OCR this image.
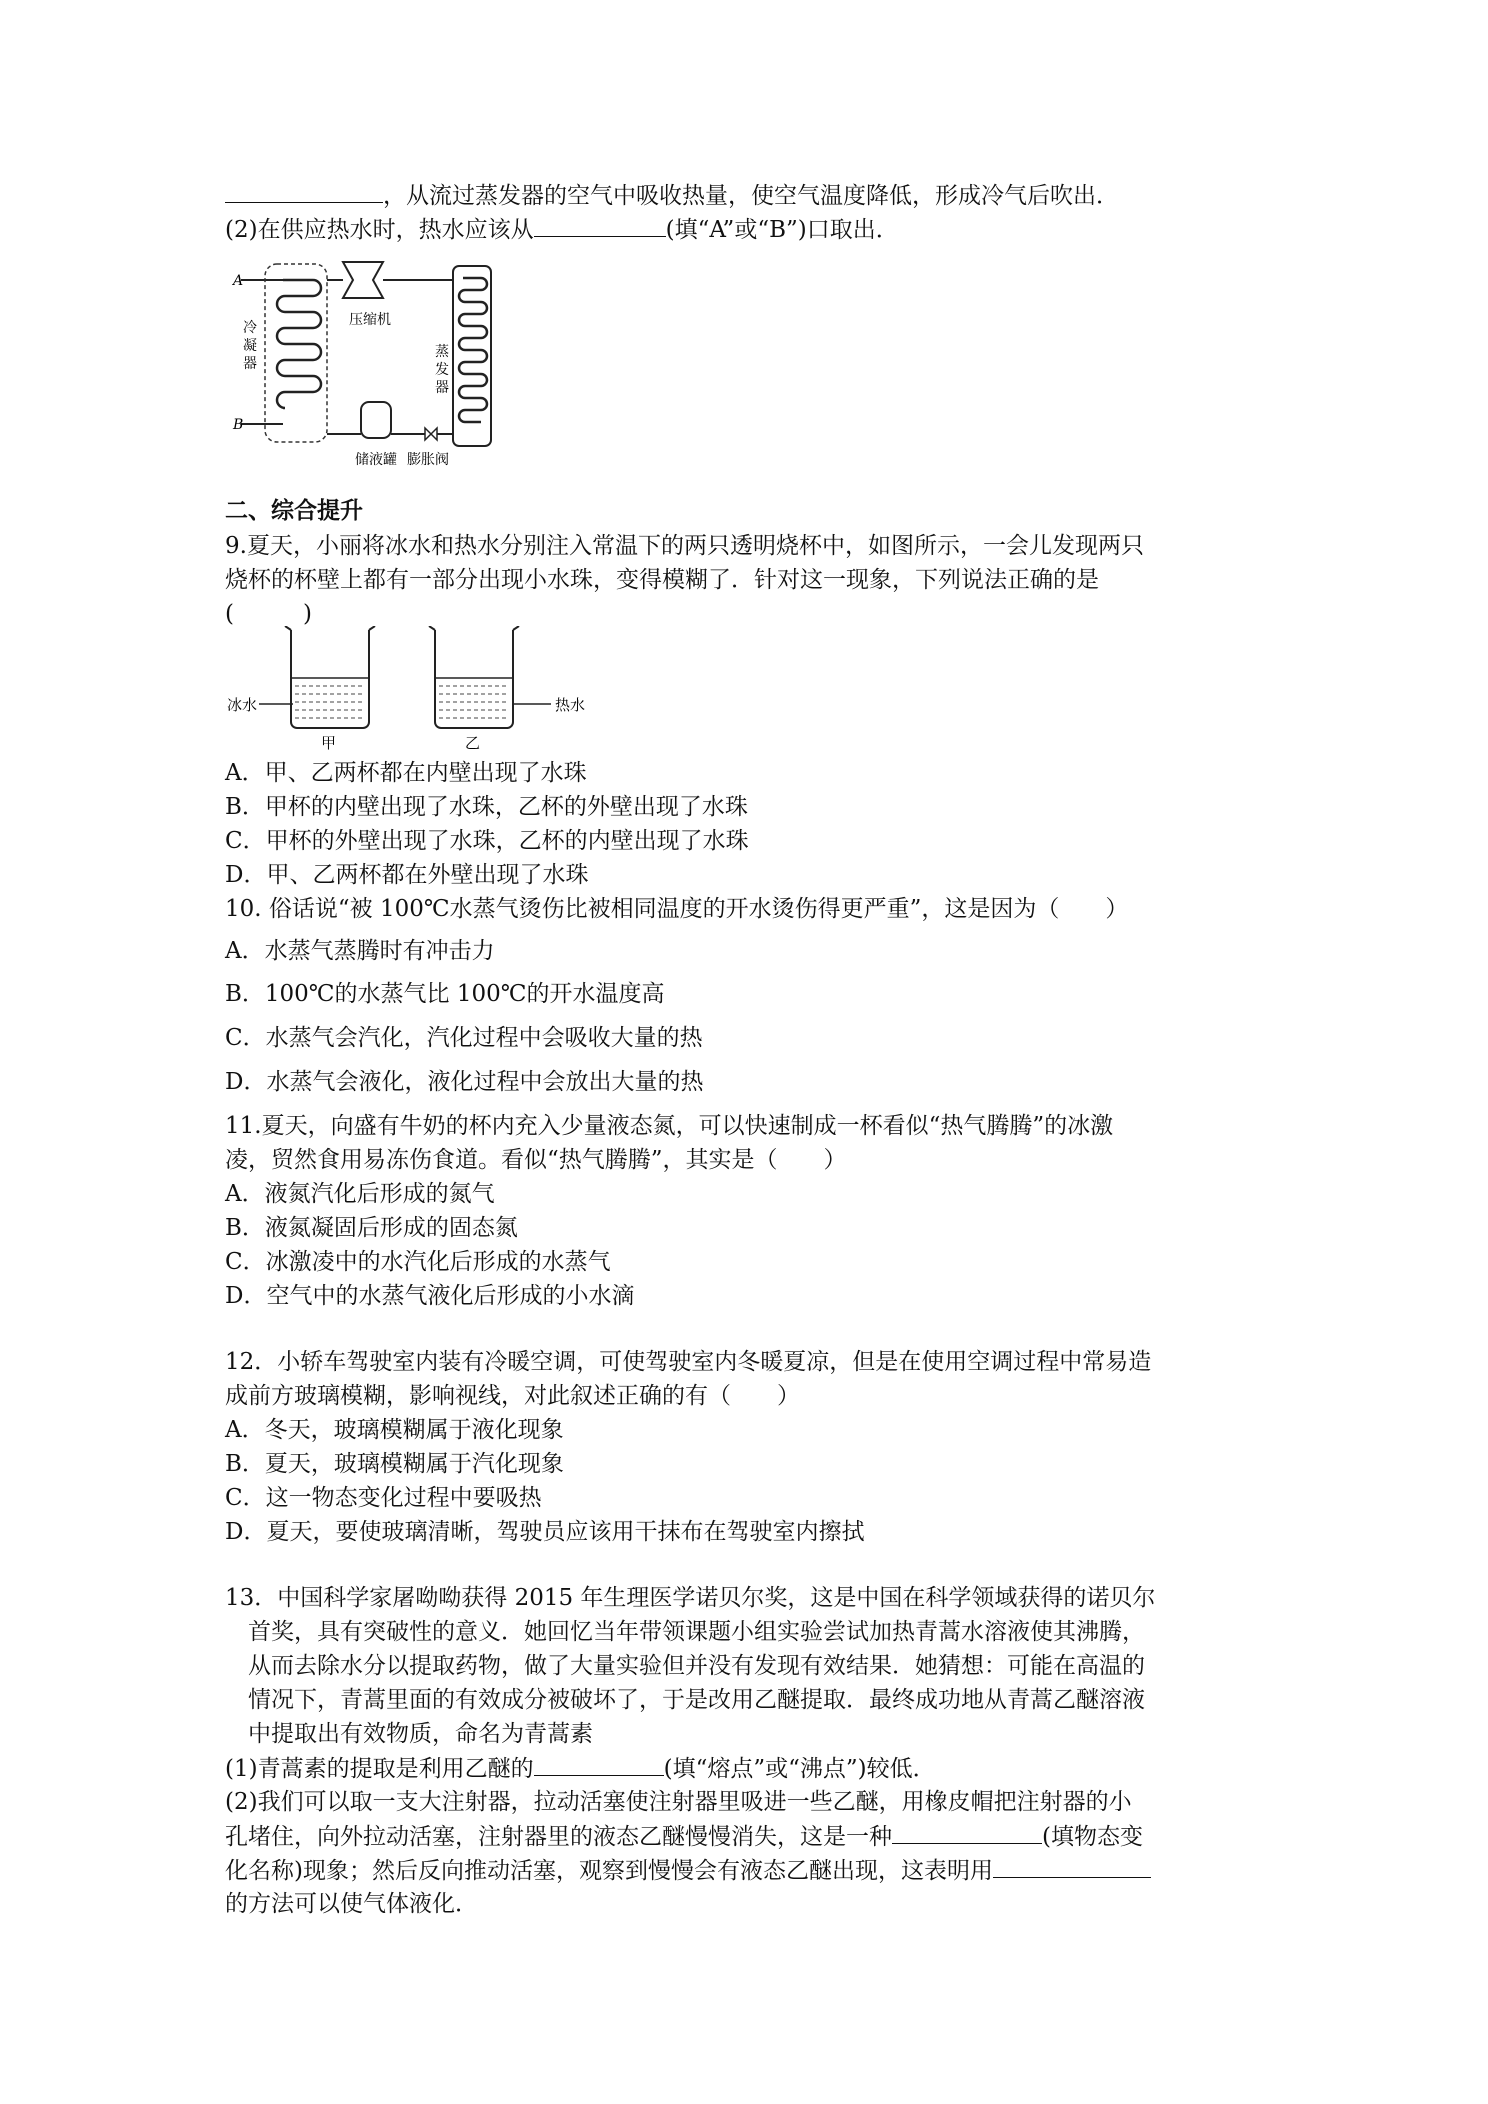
，从流过蒸发器的空气中吸收热量，使空气温度降低，形成冷气后吹出．
(2)在供应热水时，热水应该从	(填“A”或“B”)口取出．
A
B
冷
凝
器
压缩机
蒸
发
器
储液罐 膨胀阀
二、综合提升
9.夏天，小丽将冰水和热水分别注入常温下的两只透明烧杯中，如图所示，一会儿发现两只
烧杯的杯壁上都有一部分出现小水珠，变得模糊了．针对这一现象，下列说法正确的是
(　　　)
冰水
甲
热水
乙
A．甲、乙两杯都在内壁出现了水珠
B．甲杯的内壁出现了水珠，乙杯的外壁出现了水珠
C．甲杯的外壁出现了水珠，乙杯的内壁出现了水珠
D．甲、乙两杯都在外壁出现了水珠
10. 俗话说“被 100℃水蒸气烫伤比被相同温度的开水烫伤得更严重”，这是因为（　　）
A．水蒸气蒸腾时有冲击力
B．100℃的水蒸气比 100℃的开水温度高
C．水蒸气会汽化，汽化过程中会吸收大量的热
D．水蒸气会液化，液化过程中会放出大量的热
11.夏天，向盛有牛奶的杯内充入少量液态氮，可以快速制成一杯看似“热气腾腾”的冰激
凌，贸然食用易冻伤食道。看似“热气腾腾”，其实是（　　）
A．液氮汽化后形成的氮气
B．液氮凝固后形成的固态氮
C．冰激凌中的水汽化后形成的水蒸气
D．空气中的水蒸气液化后形成的小水滴
12．小轿车驾驶室内装有冷暖空调，可使驾驶室内冬暖夏凉，但是在使用空调过程中常易造
成前方玻璃模糊，影响视线，对此叙述正确的有（　　）
A．冬天，玻璃模糊属于液化现象
B．夏天，玻璃模糊属于汽化现象
C．这一物态变化过程中要吸热
D．夏天，要使玻璃清晰，驾驶员应该用干抹布在驾驶室内擦拭
13．中国科学家屠呦呦获得 2015 年生理医学诺贝尔奖，这是中国在科学领域获得的诺贝尔
首奖，具有突破性的意义．她回忆当年带领课题小组实验尝试加热青蒿水溶液使其沸腾，
从而去除水分以提取药物，做了大量实验但并没有发现有效结果．她猜想：可能在高温的
情况下，青蒿里面的有效成分被破坏了，于是改用乙醚提取．最终成功地从青蒿乙醚溶液
中提取出有效物质，命名为青蒿素
(1)青蒿素的提取是利用乙醚的	(填“熔点”或“沸点”)较低．
(2)我们可以取一支大注射器，拉动活塞使注射器里吸进一些乙醚，用橡皮帽把注射器的小
孔堵住，向外拉动活塞，注射器里的液态乙醚慢慢消失，这是一种	(填物态变
化名称)现象；然后反向推动活塞，观察到慢慢会有液态乙醚出现，这表明用
的方法可以使气体液化．
